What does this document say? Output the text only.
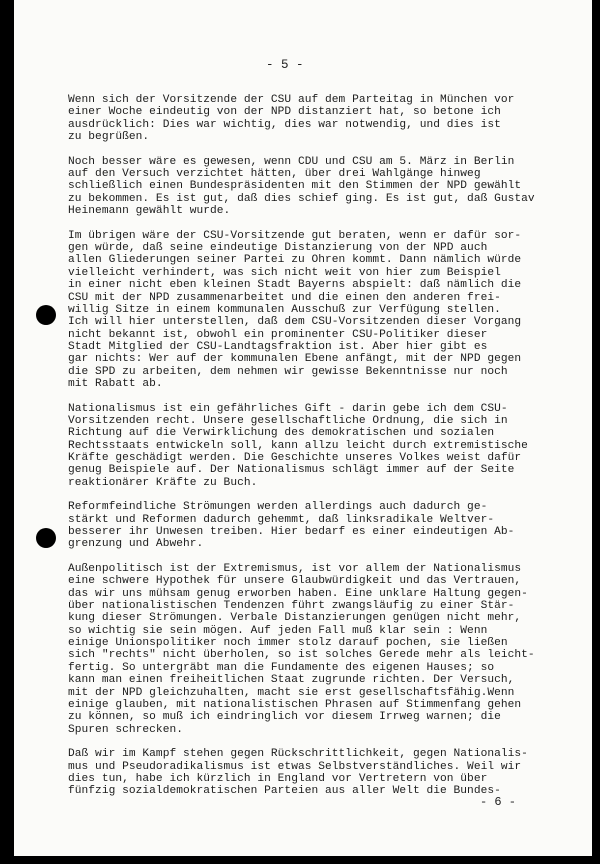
- 5 -
Wenn sich der Vorsitzende der CSU auf dem Parteitag in München vor
einer Woche eindeutig von der NPD distanziert hat, so betone ich
ausdrücklich: Dies war wichtig, dies war notwendig, und dies ist
zu begrüßen.
Noch besser wäre es gewesen, wenn CDU und CSU am 5. März in Berlin
auf den Versuch verzichtet hätten, über drei Wahlgänge hinweg
schließlich einen Bundespräsidenten mit den Stimmen der NPD gewählt
zu bekommen. Es ist gut, daß dies schief ging. Es ist gut, daß Gustav
Heinemann gewählt wurde.
Im übrigen wäre der CSU-Vorsitzende gut beraten, wenn er dafür sor-
gen würde, daß seine eindeutige Distanzierung von der NPD auch
allen Gliederungen seiner Partei zu Ohren kommt. Dann nämlich würde
vielleicht verhindert, was sich nicht weit von hier zum Beispiel
in einer nicht eben kleinen Stadt Bayerns abspielt: daß nämlich die
CSU mit der NPD zusammenarbeitet und die einen den anderen frei-
willig Sitze in einem kommunalen Ausschuß zur Verfügung stellen.
Ich will hier unterstellen, daß dem CSU-Vorsitzenden dieser Vorgang
nicht bekannt ist, obwohl ein prominenter CSU-Politiker dieser
Stadt Mitglied der CSU-Landtagsfraktion ist. Aber hier gibt es
gar nichts: Wer auf der kommunalen Ebene anfängt, mit der NPD gegen
die SPD zu arbeiten, dem nehmen wir gewisse Bekenntnisse nur noch
mit Rabatt ab.
Nationalismus ist ein gefährliches Gift - darin gebe ich dem CSU-
Vorsitzenden recht. Unsere gesellschaftliche Ordnung, die sich in
Richtung auf die Verwirklichung des demokratischen und sozialen
Rechtsstaats entwickeln soll, kann allzu leicht durch extremistische
Kräfte geschädigt werden. Die Geschichte unseres Volkes weist dafür
genug Beispiele auf. Der Nationalismus schlägt immer auf der Seite
reaktionärer Kräfte zu Buch.
Reformfeindliche Strömungen werden allerdings auch dadurch ge-
stärkt und Reformen dadurch gehemmt, daß linksradikale Weltver-
besserer ihr Unwesen treiben. Hier bedarf es einer eindeutigen Ab-
grenzung und Abwehr.
Außenpolitisch ist der Extremismus, ist vor allem der Nationalismus
eine schwere Hypothek für unsere Glaubwürdigkeit und das Vertrauen,
das wir uns mühsam genug erworben haben. Eine unklare Haltung gegen-
über nationalistischen Tendenzen führt zwangsläufig zu einer Stär-
kung dieser Strömungen. Verbale Distanzierungen genügen nicht mehr,
so wichtig sie sein mögen. Auf jeden Fall muß klar sein : Wenn
einige Unionspolitiker noch immer stolz darauf pochen, sie ließen
sich "rechts" nicht überholen, so ist solches Gerede mehr als leicht-
fertig. So untergräbt man die Fundamente des eigenen Hauses; so
kann man einen freiheitlichen Staat zugrunde richten. Der Versuch,
mit der NPD gleichzuhalten, macht sie erst gesellschaftsfähig.Wenn
einige glauben, mit nationalistischen Phrasen auf Stimmenfang gehen
zu können, so muß ich eindringlich vor diesem Irrweg warnen; die
Spuren schrecken.
Daß wir im Kampf stehen gegen Rückschrittlichkeit, gegen Nationalis-
mus und Pseudoradikalismus ist etwas Selbstverständliches. Weil wir
dies tun, habe ich kürzlich in England vor Vertretern von über
fünfzig sozialdemokratischen Parteien aus aller Welt die Bundes-
- 6 -
